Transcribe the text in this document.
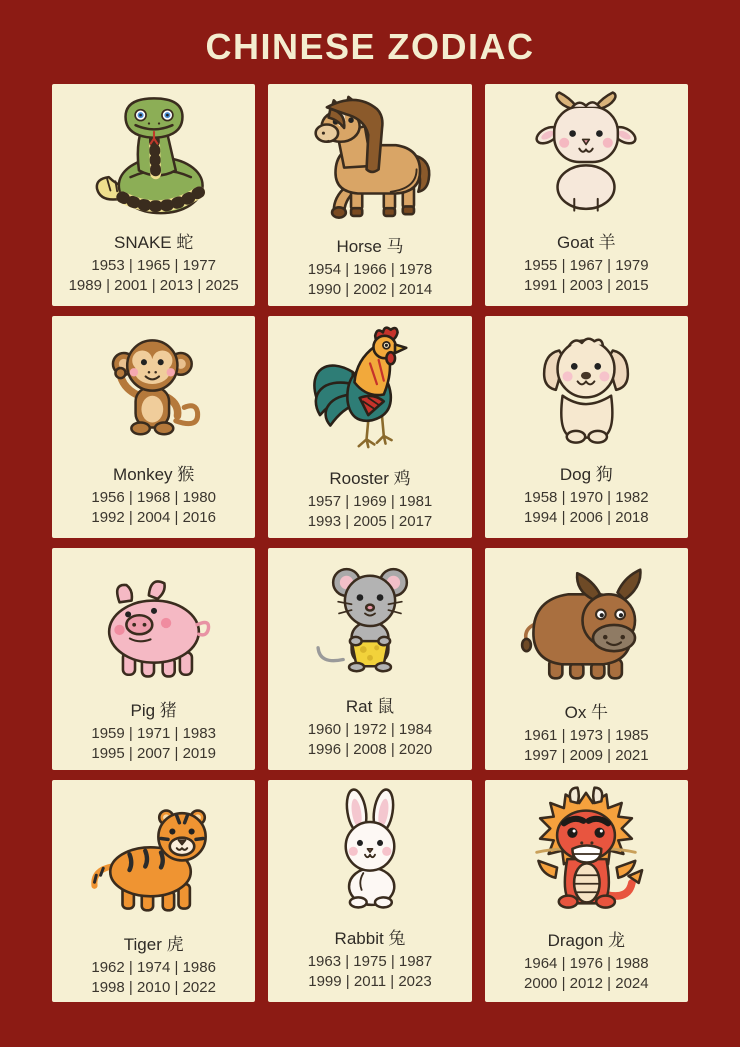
CHINESE ZODIAC
SNAKE 蛇
1953 | 1965 | 1977
1989 | 2001 | 2013 | 2025
Horse 马
1954 | 1966 | 1978
1990 | 2002 | 2014
Goat 羊
1955 | 1967 | 1979
1991 | 2003 | 2015
Monkey 猴
1956 | 1968 | 1980
1992 | 2004 | 2016
Rooster 鸡
1957 | 1969 | 1981
1993 | 2005 | 2017
Dog 狗
1958 | 1970 | 1982
1994 | 2006 | 2018
Pig 猪
1959 | 1971 | 1983
1995 | 2007 | 2019
Rat 鼠
1960 | 1972 | 1984
1996 | 2008 | 2020
Ox 牛
1961 | 1973 | 1985
1997 | 2009 | 2021
Tiger 虎
1962 | 1974 | 1986
1998 | 2010 | 2022
Rabbit 兔
1963 | 1975 | 1987
1999 | 2011 | 2023
Dragon 龙
1964 | 1976 | 1988
2000 | 2012 | 2024
